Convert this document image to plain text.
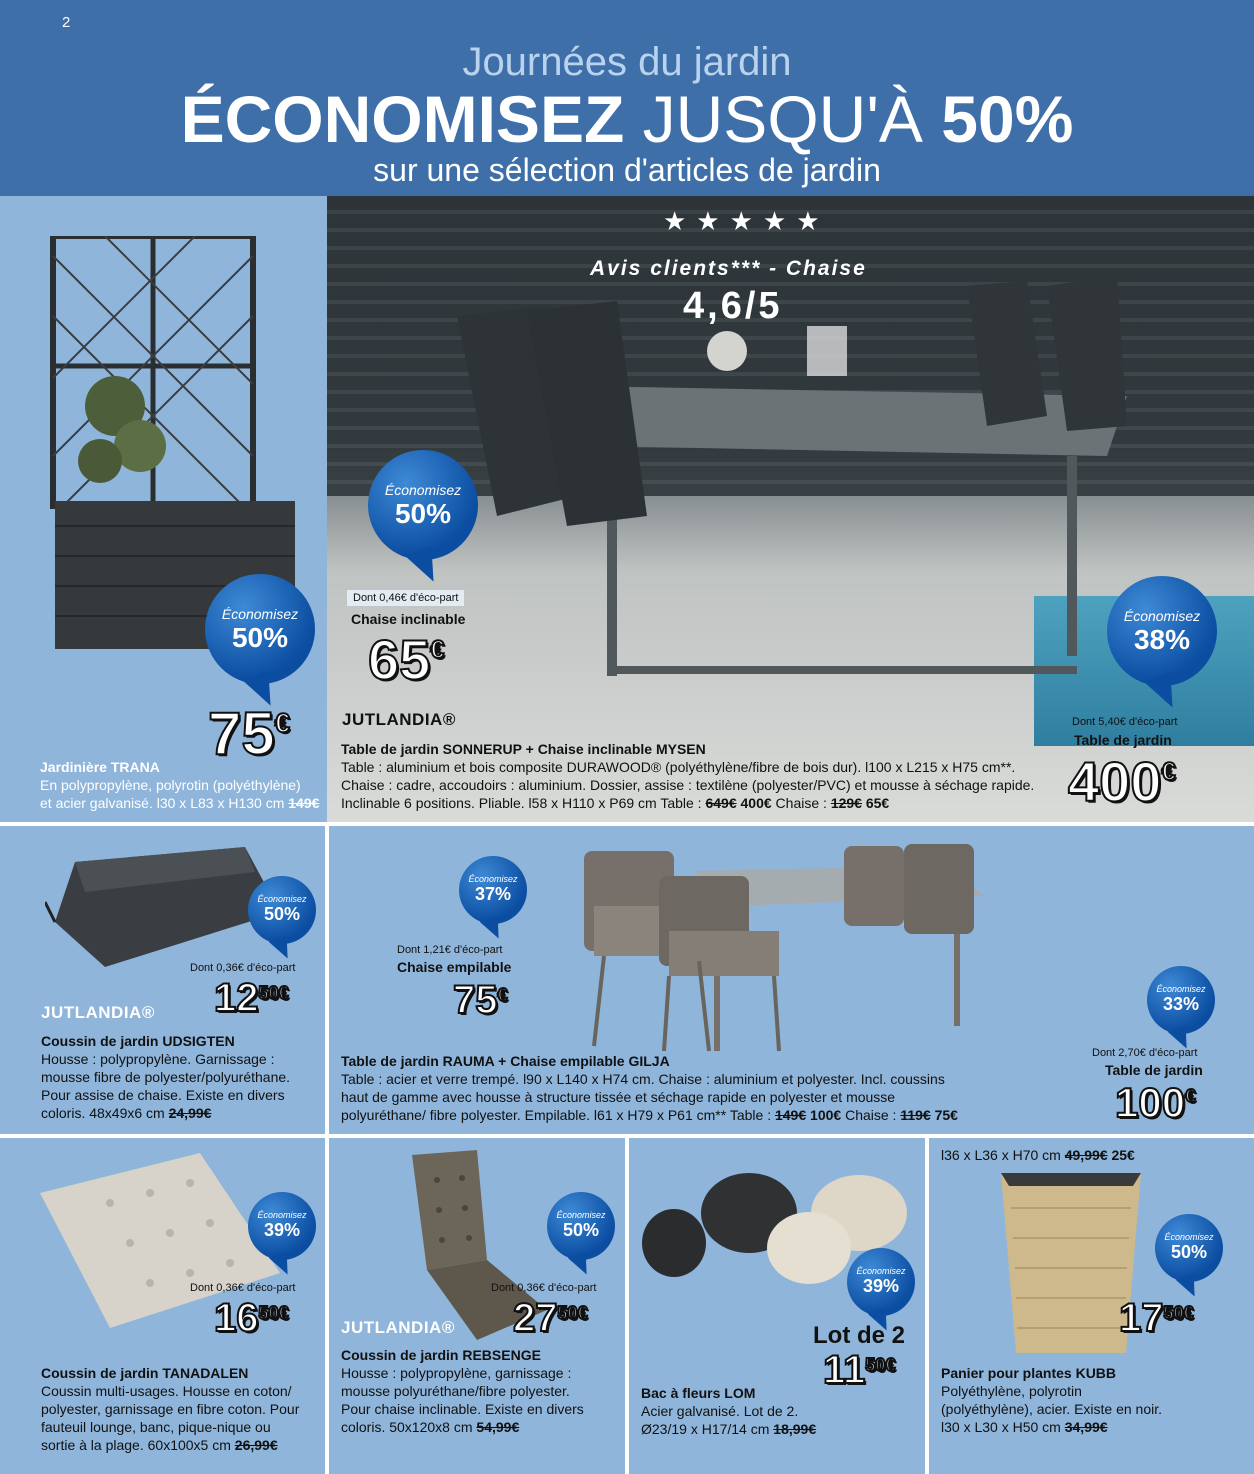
2
Journées du jardin
ÉCONOMISEZ JUSQU'À 50%
sur une sélection d'articles de jardin
Économisez
50%
75€
Jardinière TRANA
En polypropylène, polyrotin (polyéthylène)
et acier galvanisé. l30 x L83 x H130 cm 149€
★★★★★
Avis clients*** - Chaise
4,6/5
Économisez
50%
Dont 0,46€ d'éco-part
Chaise inclinable
65€
Économisez
38%
Dont 5,40€ d'éco-part
Table de jardin
400€
JUTLANDIA®
Table de jardin SONNERUP + Chaise inclinable MYSEN
Table : aluminium et bois composite DURAWOOD® (polyéthylène/fibre de bois dur). l100 x L215 x H75 cm**.
Chaise : cadre, accoudoirs : aluminium. Dossier, assise : textilène (polyester/PVC) et mousse à séchage rapide.
Inclinable 6 positions. Pliable. l58 x H110 x P69 cm Table : 649€ 400€ Chaise : 129€ 65€
Économisez
50%
Dont 0,36€ d'éco-part
$12^{50€}$
JUTLANDIA®
Coussin de jardin UDSIGTEN
Housse : polypropylène. Garnissage :
mousse fibre de polyester/polyuréthane.
Pour assise de chaise. Existe en divers
coloris. 48x49x6 cm 24,99€
Économisez
37%
Dont 1,21€ d'éco-part
Chaise empilable
75€	Économisez
33%
Dont 2,70€ d'éco-part
Table de jardin
100€
Table de jardin RAUMA + Chaise empilable GILJA
Table : acier et verre trempé. l90 x L140 x H74 cm. Chaise : aluminium et polyester. Incl. coussins
haut de gamme avec housse à structure tissée et séchage rapide en polyester et mousse
polyuréthane/ fibre polyester. Empilable. l61 x H79 x P61 cm** Table : 149€ 100€ Chaise : 119€ 75€
Économisez
39%
Dont 0,36€ d'éco-part
$16^{50€}$
Coussin de jardin TANADALEN
Coussin multi-usages. Housse en coton/
polyester, garnissage en fibre coton. Pour
fauteuil lounge, banc, pique-nique ou
sortie à la plage. 60x100x5 cm 26,99€
Économisez
50%
Dont 0,36€ d'éco-part
$27^{50€}$
JUTLANDIA®
Coussin de jardin REBSENGE
Housse : polypropylène, garnissage :
mousse polyuréthane/fibre polyester.
Pour chaise inclinable. Existe en divers
coloris. 50x120x8 cm 54,99€
Économisez
39%
Lot de 2
$11^{50€}$
Bac à fleurs LOM
Acier galvanisé. Lot de 2.
Ø23/19 x H17/14 cm 18,99€
l36 x L36 x H70 cm 49,99€ 25€
Économisez
50%
$17^{50€}$
Panier pour plantes KUBB
Polyéthylène, polyrotin
(polyéthylène), acier. Existe en noir.
l30 x L30 x H50 cm 34,99€
